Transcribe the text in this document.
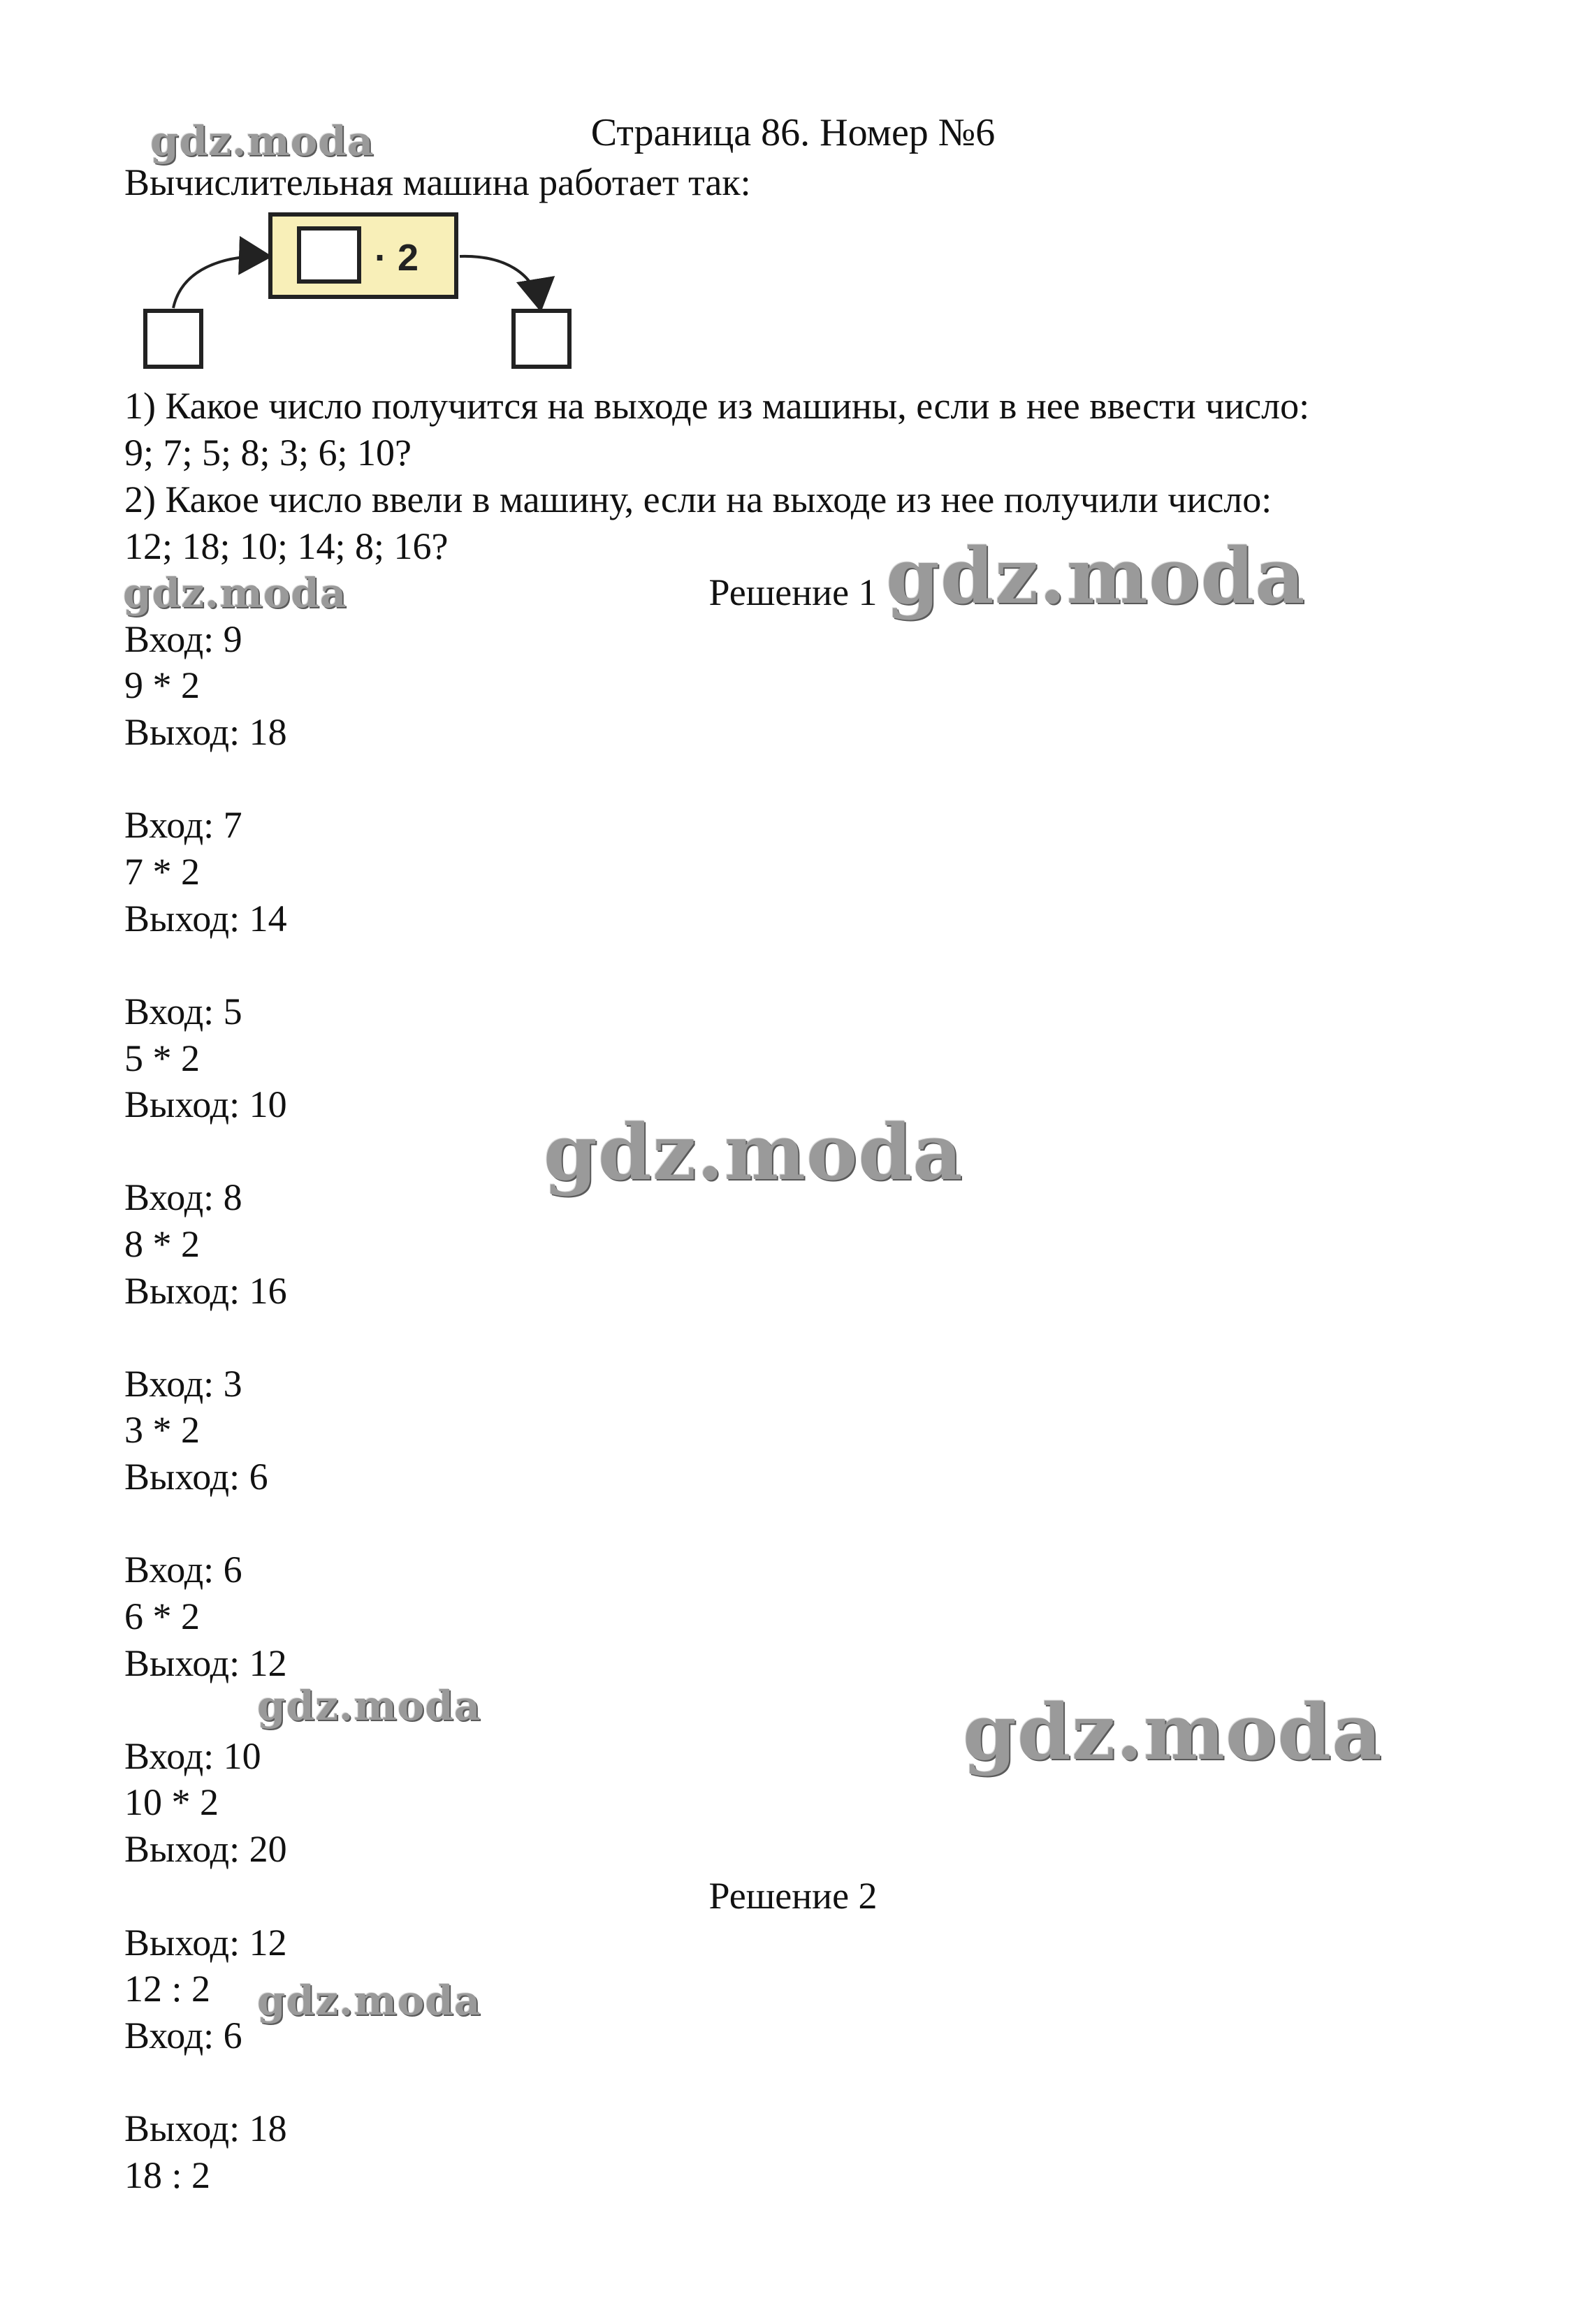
Страница 86. Номер №6
Вычислительная машина работает так:
· 2
1) Какое число получится на выходе из машины, если в нее ввести число:
9; 7; 5; 8; 3; 6; 10?
2) Какое число ввели в машину, если на выходе из нее получили число:
12; 18; 10; 14; 8; 16?
Решение 1
Вход: 9
9 * 2
Выход: 18
Вход: 7
7 * 2
Выход: 14
Вход: 5
5 * 2
Выход: 10
Вход: 8
8 * 2
Выход: 16
Вход: 3
3 * 2
Выход: 6
Вход: 6
6 * 2
Выход: 12
Вход: 10
10 * 2
Выход: 20
Решение 2
Выход: 12
12 : 2
Вход: 6
Выход: 18
18 : 2
gdz.moda
gdz.moda	gdz.moda
gdz.moda
gdz.moda	gdz.moda
gdz.moda
